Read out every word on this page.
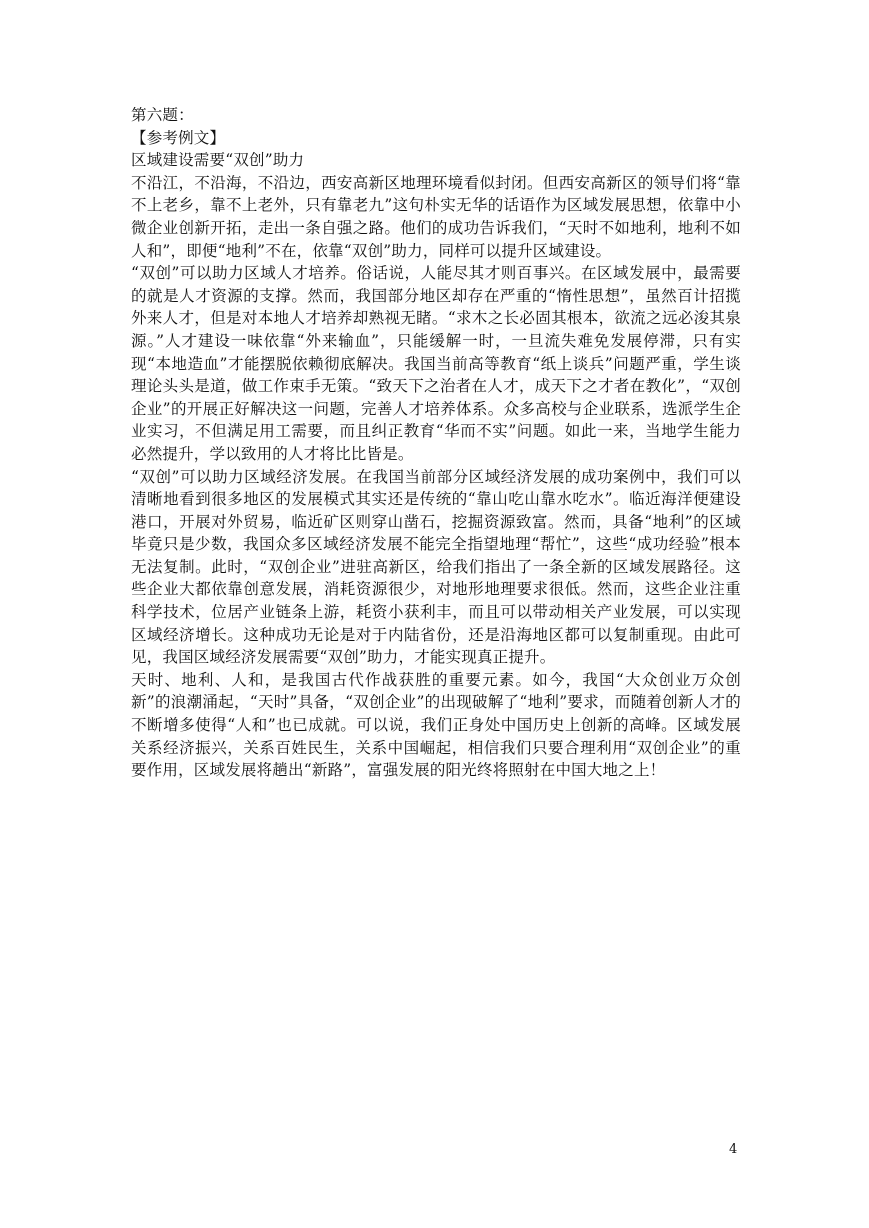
第六题：

【参考例文】

区域建设需要“双创”助力

不沿江，不沿海，不沿边，西安高新区地理环境看似封闭。但西安高新区的领导们将“靠不上老乡，靠不上老外，只有靠老九”这句朴实无华的话语作为区域发展思想，依靠中小微企业创新开拓，走出一条自强之路。他们的成功告诉我们，“天时不如地利，地利不如人和”，即便“地利”不在，依靠“双创”助力，同样可以提升区域建设。

“双创”可以助力区域人才培养。俗话说，人能尽其才则百事兴。在区域发展中，最需要的就是人才资源的支撑。然而，我国部分地区却存在严重的“惰性思想”，虽然百计招揽外来人才，但是对本地人才培养却熟视无睹。“求木之长必固其根本，欲流之远必浚其泉源。”人才建设一味依靠“外来输血”，只能缓解一时，一旦流失难免发展停滞，只有实现“本地造血”才能摆脱依赖彻底解决。我国当前高等教育“纸上谈兵”问题严重，学生谈理论头头是道，做工作束手无策。“致天下之治者在人才，成天下之才者在教化”，“双创企业”的开展正好解决这一问题，完善人才培养体系。众多高校与企业联系，选派学生企业实习，不但满足用工需要，而且纠正教育“华而不实”问题。如此一来，当地学生能力必然提升，学以致用的人才将比比皆是。

“双创”可以助力区域经济发展。在我国当前部分区域经济发展的成功案例中，我们可以清晰地看到很多地区的发展模式其实还是传统的“靠山吃山靠水吃水”。临近海洋便建设港口，开展对外贸易，临近矿区则穿山凿石，挖掘资源致富。然而，具备“地利”的区域毕竟只是少数，我国众多区域经济发展不能完全指望地理“帮忙”，这些“成功经验”根本无法复制。此时，“双创企业”进驻高新区，给我们指出了一条全新的区域发展路径。这些企业大都依靠创意发展，消耗资源很少，对地形地理要求很低。然而，这些企业注重科学技术，位居产业链条上游，耗资小获利丰，而且可以带动相关产业发展，可以实现区域经济增长。这种成功无论是对于内陆省份，还是沿海地区都可以复制重现。由此可见，我国区域经济发展需要“双创”助力，才能实现真正提升。

天时、地利、人和，是我国古代作战获胜的重要元素。如今，我国“大众创业万众创新”的浪潮涌起，“天时”具备，“双创企业”的出现破解了“地利”要求，而随着创新人才的不断增多使得“人和”也已成就。可以说，我们正身处中国历史上创新的高峰。区域发展关系经济振兴，关系百姓民生，关系中国崛起，相信我们只要合理利用“双创企业”的重要作用，区域发展将趟出“新路”，富强发展的阳光终将照射在中国大地之上！

4
